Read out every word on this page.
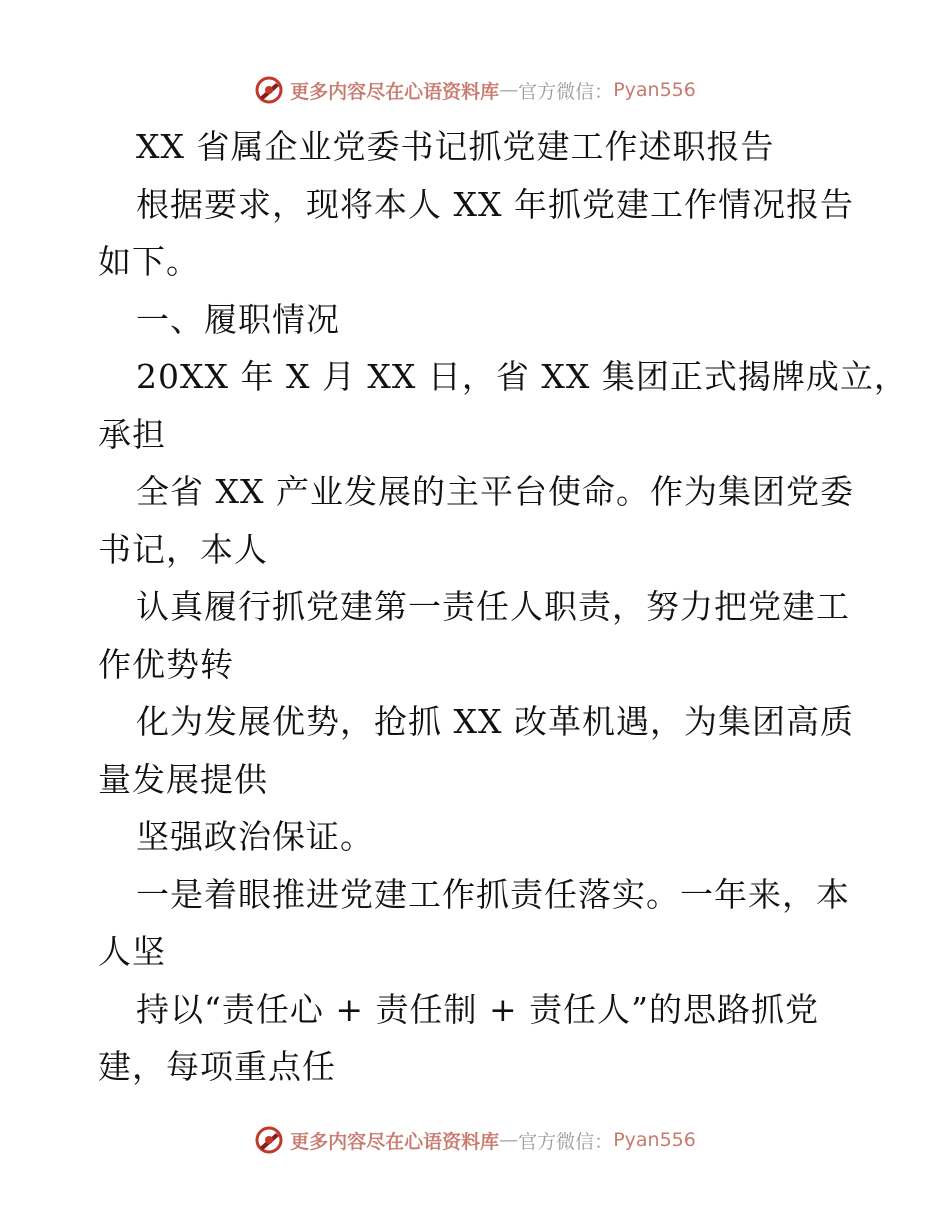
更多内容尽在心语资料库 — 官方微信： Pyan556
XX 省属企业党委书记抓党建工作述职报告
根据要求，现将本人 XX 年抓党建工作情况报告
如下。
一、履职情况
20XX 年 X 月 XX 日，省 XX 集团正式揭牌成立，
承担
全省 XX 产业发展的主平台使命。作为集团党委
书记，本人
认真履行抓党建第一责任人职责，努力把党建工
作优势转
化为发展优势，抢抓 XX 改革机遇，为集团高质
量发展提供
坚强政治保证。
一是着眼推进党建工作抓责任落实。一年来，本
人坚
持以“责任心 + 责任制 + 责任人”的思路抓党
建，每项重点任
更多内容尽在心语资料库 — 官方微信： Pyan556
